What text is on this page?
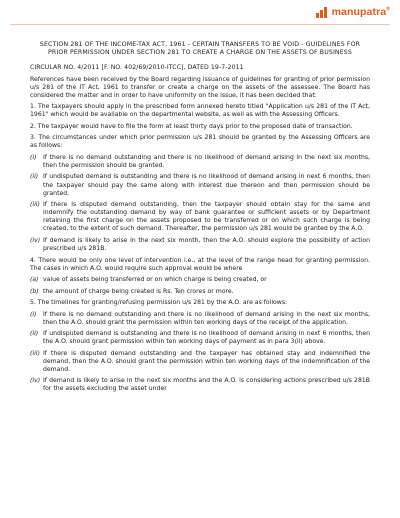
manupatra®
SECTION 281 OF THE INCOME-TAX ACT, 1961 - CERTAIN TRANSFERS TO BE VOID - GUIDELINES FOR PRIOR PERMISSION UNDER SECTION 281 TO CREATE A CHARGE ON THE ASSETS OF BUSINESS
CIRCULAR NO. 4/2011 [F. NO. 402/69/2010-ITCC], DATED 19-7-2011

References have been received by the Board regarding issuance of guidelines for granting of prior permission u/s 281 of the IT Act, 1961 to transfer or create a charge on the assets of the assessee. The Board has considered the matter and in order to have uniformity on the issue, it has been decided that:

1. The taxpayers should apply in the prescribed form annexed hereto titled "Application u/s 281 of the IT Act, 1961" which would be available on the departmental website, as well as with the Assessing Officers.

2. The taxpayer would have to file the form at least thirty days prior to the proposed date of transaction.

3. The circumstances under which prior permission u/s 281 should be granted by the Assessing Officers are as follows:

(i)	If there is no demand outstanding and there is no likelihood of demand arising in the next six months, then the permission should be granted.
(ii) If undisputed demand is outstanding and there is no likelihood of demand arising in next 6 months, then the taxpayer should pay the same along with interest due thereon and then permission should be granted.
(iii) If there is disputed demand outstanding, then the taxpayer should obtain stay for the same and indemnify the outstanding demand by way of bank guarantee or sufficient assets or by Department retaining the first charge on the assets proposed to be transferred or on which such charge is being created, to the extent of such demand. Thereafter, the permission u/s 281 would be granted by the A.O.
(iv) If demand is likely to arise in the next six month, then the A.O. should explore the possibility of action prescribed u/s 281B.

4. There would be only one level of intervention i.e., at the level of the range head for granting permission. The cases in which A.O. would require such approval would be where

(a) value of assets being transferred or on which charge is being created, or
(b) the amount of charge being created is Rs. Ten crores or more.

5. The timelines for granting/refusing permission u/s 281 by the A.O. are as follows:

(i)	If there is no demand outstanding and there is no likelihood of demand arising in the next six months, then the A.O. should grant the permission within ten working days of the receipt of the application.
(ii) If undisputed demand is outstanding and there is no likelihood of demand arising in next 6 months, then the A.O. should grant permission within ten working days of payment as in para 3(ii) above.
(iii) If there is disputed demand outstanding and the taxpayer has obtained stay and indemnified the demand, then the A.O. should grant the permission within ten working days of the indemnification of the demand.
(iv) If demand is likely to arise in the next six months and the A.O. is considering actions prescribed u/s 281B for the assets excluding the asset under
